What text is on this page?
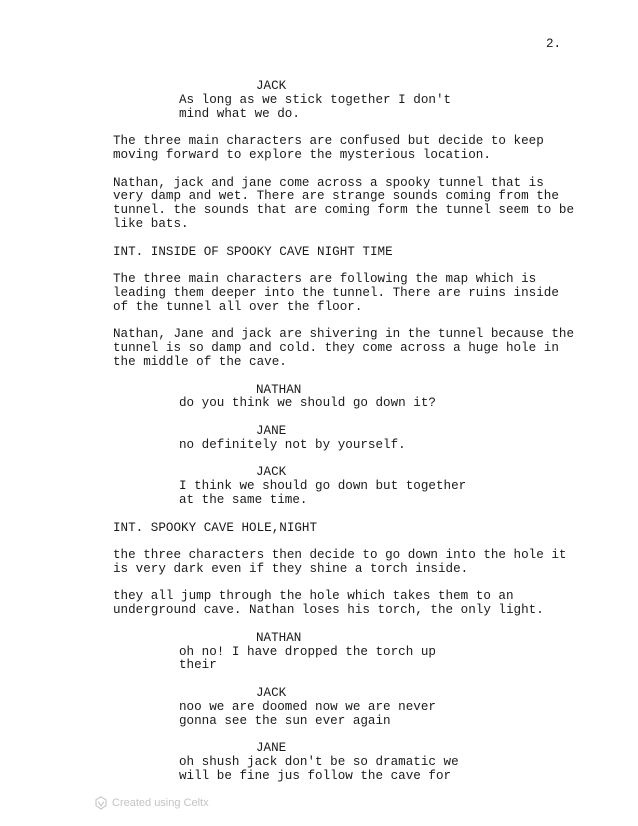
2.
JACK
As long as we stick together I don't
mind what we do.
The three main characters are confused but decide to keep
moving forward to explore the mysterious location.
Nathan, jack and jane come across a spooky tunnel that is
very damp and wet. There are strange sounds coming from the
tunnel. the sounds that are coming form the tunnel seem to be
like bats.
INT. INSIDE OF SPOOKY CAVE NIGHT TIME
The three main characters are following the map which is
leading them deeper into the tunnel. There are ruins inside
of the tunnel all over the floor.
Nathan, Jane and jack are shivering in the tunnel because the
tunnel is so damp and cold. they come across a huge hole in
the middle of the cave.
NATHAN
do you think we should go down it?
JANE
no definitely not by yourself.
JACK
I think we should go down but together
at the same time.
INT. SPOOKY CAVE HOLE,NIGHT
the three characters then decide to go down into the hole it
is very dark even if they shine a torch inside.
they all jump through the hole which takes them to an
underground cave. Nathan loses his torch, the only light.
NATHAN
oh no! I have dropped the torch up
their
JACK
noo we are doomed now we are never
gonna see the sun ever again
JANE
oh shush jack don't be so dramatic we
will be fine jus follow the cave for
Created using Celtx
